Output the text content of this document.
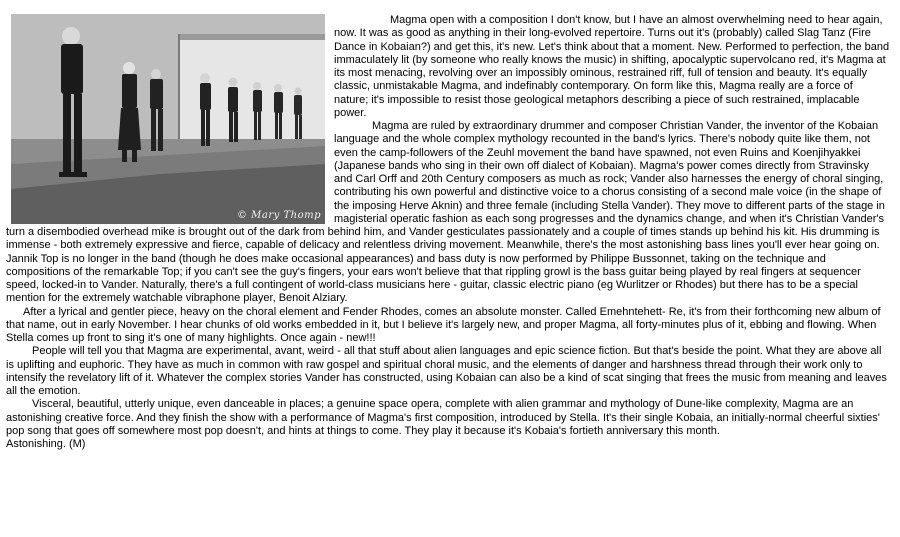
© Mary Thomp

Magma open with a composition I don't know, but I have an almost overwhelming need to hear again, now. It was as good as anything in their long-evolved repertoire. Turns out it's (probably) called Slag Tanz (Fire Dance in Kobaian?) and get this, it's new. Let's think about that a moment. New. Performed to perfection, the band immaculately lit (by someone who really knows the music) in shifting, apocalyptic supervolcano red, it's Magma at its most menacing, revolving over an impossibly ominous, restrained riff, full of tension and beauty. It's equally classic, unmistakable Magma, and indefinably contemporary. On form like this, Magma really are a force of nature; it's impossible to resist those geological metaphors describing a piece of such restrained, implacable power.

Magma are ruled by extraordinary drummer and composer Christian Vander, the inventor of the Kobaian language and the whole complex mythology recounted in the band's lyrics. There's nobody quite like them, not even the camp-followers of the Zeuhl movement the band have spawned, not even Ruins and Koenjihyakkei (Japanese bands who sing in their own off dialect of Kobaian). Magma's power comes directly from Stravinsky and Carl Orff and 20th Century composers as much as rock; Vander also harnesses the energy of choral singing, contributing his own powerful and distinctive voice to a chorus consisting of a second male voice (in the shape of the imposing Herve Aknin) and three female (including Stella Vander). They move to different parts of the stage in magisterial operatic fashion as each song progresses and the dynamics change, and when it's Christian Vander's turn a disembodied overhead mike is brought out of the dark from behind him, and Vander gesticulates passionately and a couple of times stands up behind his kit. His drumming is immense - both extremely expressive and fierce, capable of delicacy and relentless driving movement. Meanwhile, there's the most astonishing bass lines you'll ever hear going on. Jannik Top is no longer in the band (though he does make occasional appearances) and bass duty is now performed by Philippe Bussonnet, taking on the technique and compositions of the remarkable Top; if you can't see the guy's fingers, your ears won't believe that that rippling growl is the bass guitar being played by real fingers at sequencer speed, locked-in to Vander. Naturally, there's a full contingent of world-class musicians here - guitar, classic electric piano (eg Wurlitzer or Rhodes) but there has to be a special mention for the extremely watchable vibraphone player, Benoit Alziary.

After a lyrical and gentler piece, heavy on the choral element and Fender Rhodes, comes an absolute monster. Called Emehntehett- Re, it's from their forthcoming new album of that name, out in early November. I hear chunks of old works embedded in it, but I believe it's largely new, and proper Magma, all forty-minutes plus of it, ebbing and flowing. When Stella comes up front to sing it's one of many highlights. Once again - new!!!

People will tell you that Magma are experimental, avant, weird - all that stuff about alien languages and epic science fiction. But that's beside the point. What they are above all is uplifting and euphoric. They have as much in common with raw gospel and spiritual choral music, and the elements of danger and harshness thread through their work only to intensify the revelatory lift of it. Whatever the complex stories Vander has constructed, using Kobaian can also be a kind of scat singing that frees the music from meaning and leaves all the emotion.

Visceral, beautiful, utterly unique, even danceable in places; a genuine space opera, complete with alien grammar and mythology of Dune-like complexity, Magma are an astonishing creative force. And they finish the show with a performance of Magma's first composition, introduced by Stella. It's their single Kobaia, an initially-normal cheerful sixties' pop song that goes off somewhere most pop doesn't, and hints at things to come. They play it because it's Kobaia's fortieth anniversary this month.

Astonishing. (M)
